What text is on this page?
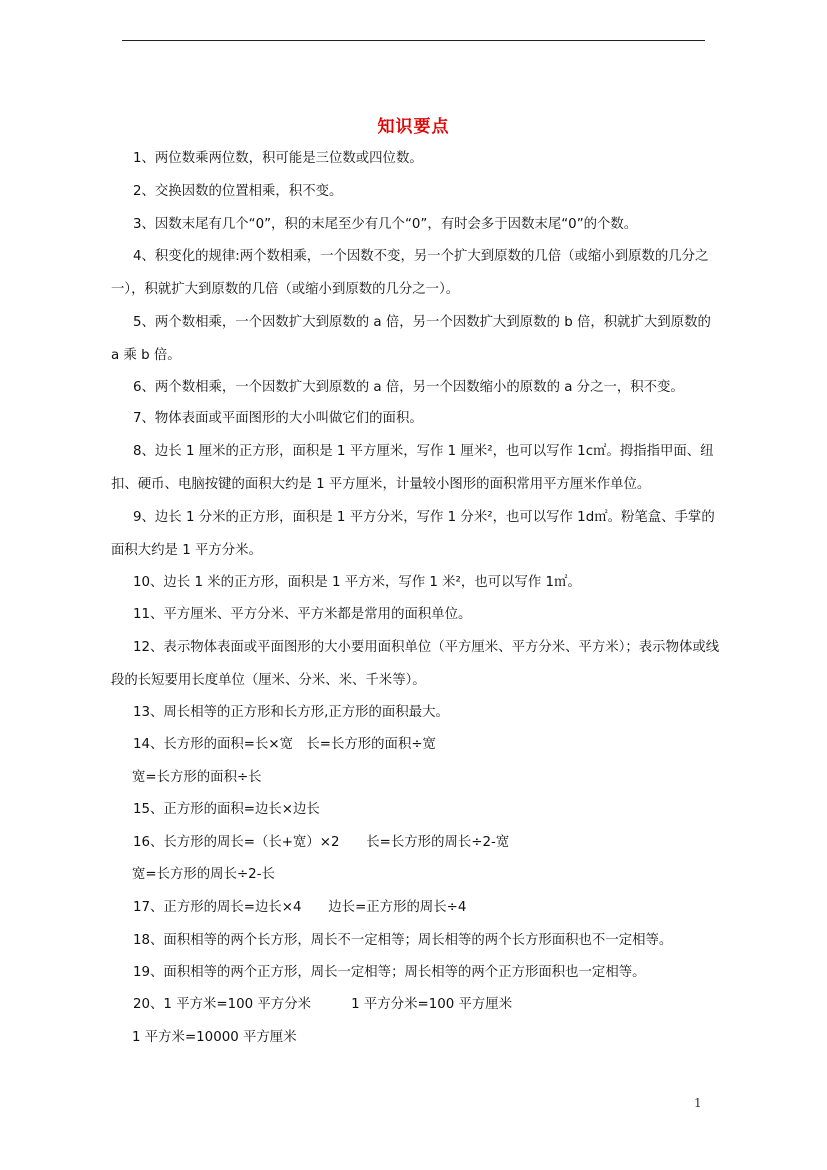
知识要点

1、两位数乘两位数，积可能是三位数或四位数。

2、交换因数的位置相乘，积不变。

3、因数末尾有几个“0”，积的末尾至少有几个“0”，有时会多于因数末尾“0”的个数。

4、积变化的规律:两个数相乘，一个因数不变，另一个扩大到原数的几倍（或缩小到原数的几分之一），积就扩大到原数的几倍（或缩小到原数的几分之一）。

5、两个数相乘，一个因数扩大到原数的 a 倍，另一个因数扩大到原数的 b 倍，积就扩大到原数的 a 乘 b 倍。

6、两个数相乘，一个因数扩大到原数的 a 倍，另一个因数缩小的原数的 a 分之一，积不变。

7、物体表面或平面图形的大小叫做它们的面积。

8、边长 1 厘米的正方形，面积是 1 平方厘米，写作 1 厘米²，也可以写作 1c㎡。拇指指甲面、纽扣、硬币、电脑按键的面积大约是 1 平方厘米，计量较小图形的面积常用平方厘米作单位。

9、边长 1 分米的正方形，面积是 1 平方分米，写作 1 分米²，也可以写作 1d㎡。粉笔盒、手掌的面积大约是 1 平方分米。

10、边长 1 米的正方形，面积是 1 平方米，写作 1 米²，也可以写作 1㎡。

11、平方厘米、平方分米、平方米都是常用的面积单位。

12、表示物体表面或平面图形的大小要用面积单位（平方厘米、平方分米、平方米）；表示物体或线段的长短要用长度单位（厘米、分米、米、千米等）。

13、周长相等的正方形和长方形,正方形的面积最大。

14、长方形的面积=长×宽　长=长方形的面积÷宽

宽=长方形的面积÷长

15、正方形的面积=边长×边长

16、长方形的周长=（长+宽）×2　　长=长方形的周长÷2-宽

宽=长方形的周长÷2-长

17、正方形的周长=边长×4　　边长=正方形的周长÷4

18、面积相等的两个长方形，周长不一定相等；周长相等的两个长方形面积也不一定相等。

19、面积相等的两个正方形，周长一定相等；周长相等的两个正方形面积也一定相等。

20、1 平方米=100 平方分米　　　1 平方分米=100 平方厘米

1 平方米=10000 平方厘米

1
